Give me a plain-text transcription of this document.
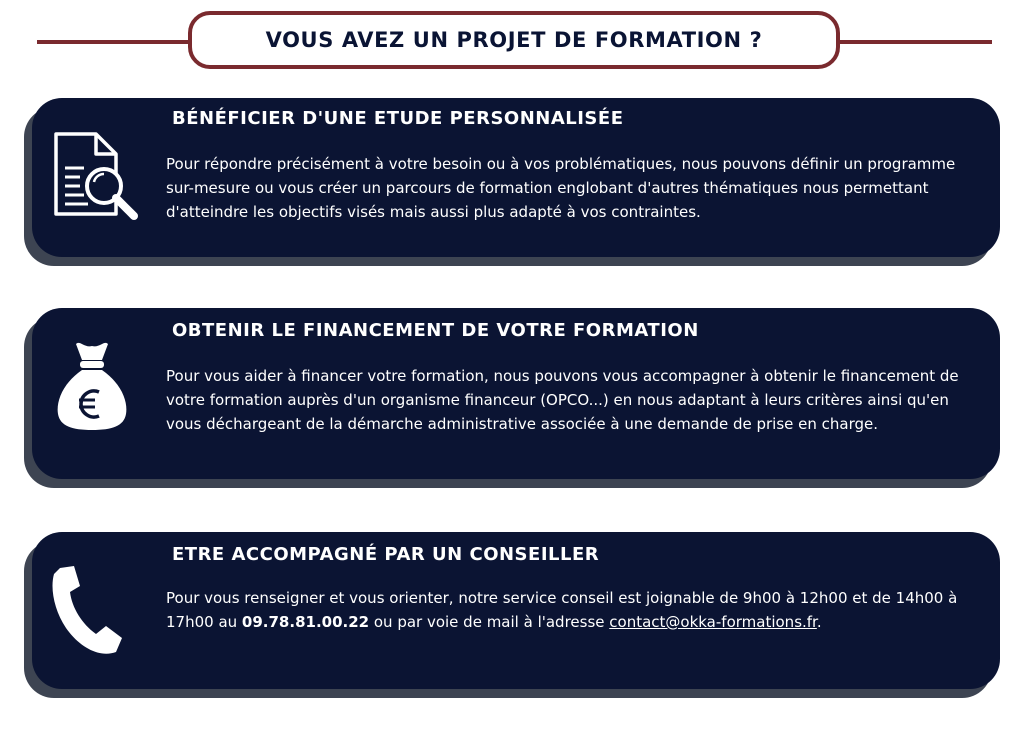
VOUS AVEZ UN PROJET DE FORMATION ?
BÉNÉFICIER D'UNE ETUDE PERSONNALISÉE

Pour répondre précisément à votre besoin ou à vos problématiques, nous pouvons définir un programme sur-mesure ou vous créer un parcours de formation englobant d'autres thématiques nous permettant d'atteindre les objectifs visés mais aussi plus adapté à vos contraintes.

OBTENIR LE FINANCEMENT DE VOTRE FORMATION

Pour vous aider à financer votre formation, nous pouvons vous accompagner à obtenir le financement de votre formation auprès d'un organisme financeur (OPCO...) en nous adaptant à leurs critères ainsi qu'en vous déchargeant de la démarche administrative associée à une demande de prise en charge.

ETRE ACCOMPAGNÉ PAR UN CONSEILLER

Pour vous renseigner et vous orienter, notre service conseil est joignable de 9h00 à 12h00 et de 14h00 à 17h00 au 09.78.81.00.22 ou par voie de mail à l'adresse contact@okka-formations.fr.
